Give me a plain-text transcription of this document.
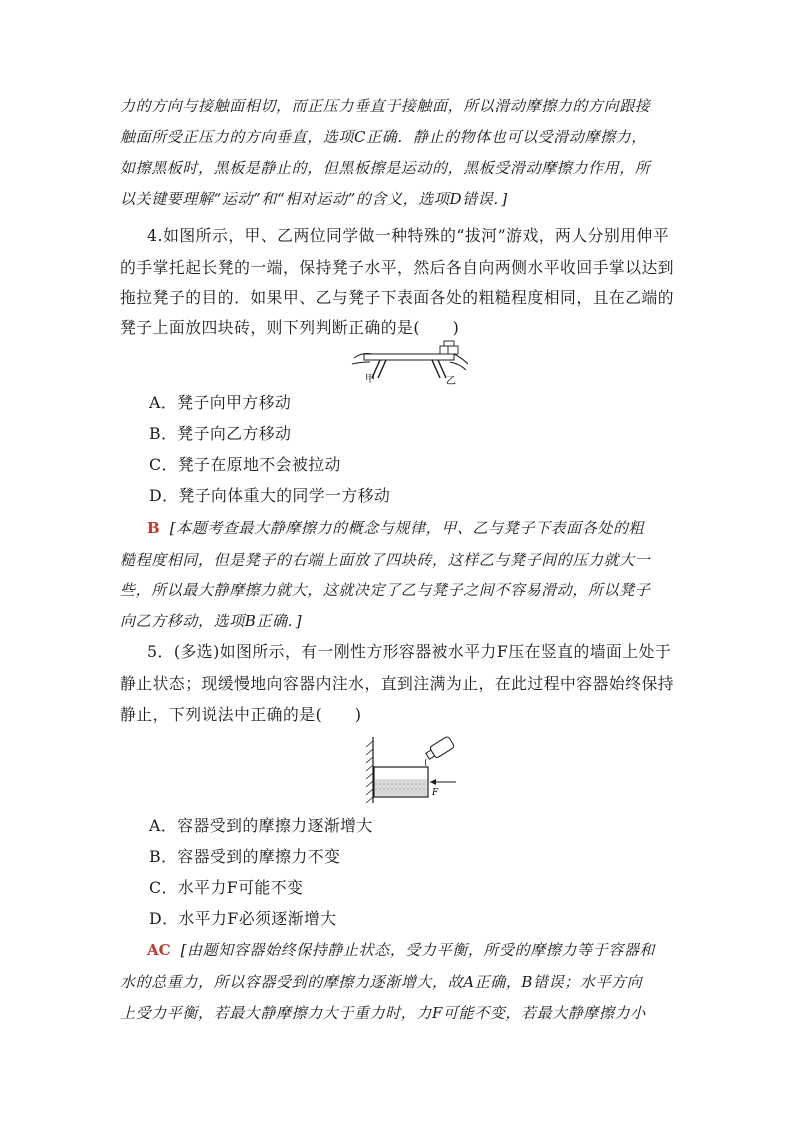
力的方向与接触面相切，而正压力垂直于接触面，所以滑动摩擦力的方向跟接
触面所受正压力的方向垂直，选项C正确．静止的物体也可以受滑动摩擦力，
如擦黑板时，黑板是静止的，但黑板擦是运动的，黑板受滑动摩擦力作用，所
以关键要理解“运动”和“相对运动”的含义，选项D错误．]
4.如图所示，甲、乙两位同学做一种特殊的“拔河”游戏，两人分别用伸平
的手掌托起长凳的一端，保持凳子水平，然后各自向两侧水平收回手掌以达到
拖拉凳子的目的．如果甲、乙与凳子下表面各处的粗糙程度相同，且在乙端的
凳子上面放四块砖，则下列判断正确的是(　　)
甲	乙
A．凳子向甲方移动
B．凳子向乙方移动
C．凳子在原地不会被拉动
D．凳子向体重大的同学一方移动
B [本题考查最大静摩擦力的概念与规律，甲、乙与凳子下表面各处的粗
糙程度相同，但是凳子的右端上面放了四块砖，这样乙与凳子间的压力就大一
些，所以最大静摩擦力就大，这就决定了乙与凳子之间不容易滑动，所以凳子
向乙方移动，选项B正确．]
5．(多选)如图所示，有一刚性方形容器被水平力F压在竖直的墙面上处于
静止状态；现缓慢地向容器内注水，直到注满为止，在此过程中容器始终保持
静止，下列说法中正确的是(　　)
F
A．容器受到的摩擦力逐渐增大
B．容器受到的摩擦力不变
C．水平力F可能不变
D．水平力F必须逐渐增大
AC [由题知容器始终保持静止状态，受力平衡，所受的摩擦力等于容器和
水的总重力，所以容器受到的摩擦力逐渐增大，故A正确，B错误；水平方向
上受力平衡，若最大静摩擦力大于重力时，力F可能不变，若最大静摩擦力小
